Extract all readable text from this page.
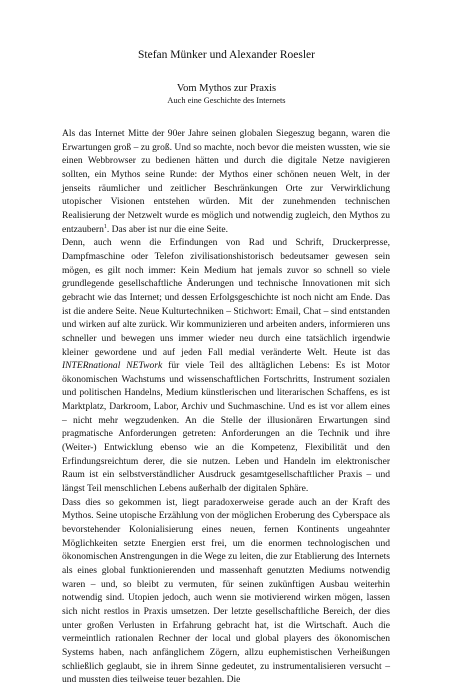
Stefan Münker und Alexander Roesler
Vom Mythos zur Praxis
Auch eine Geschichte des Internets

Als das Internet Mitte der 90er Jahre seinen globalen Siegeszug begann, waren die Erwartungen groß – zu groß. Und so machte, noch bevor die meisten wussten, wie sie einen Webbrowser zu bedienen hätten und durch die digitale Netze navigieren sollten, ein Mythos seine Runde: der Mythos einer schönen neuen Welt, in der jenseits räumlicher und zeitlicher Beschränkungen Orte zur Verwirklichung utopischer Visionen entstehen würden. Mit der zunehmenden technischen Realisierung der Netzwelt wurde es möglich und notwendig zugleich, den Mythos zu entzaubern$^1$. Das aber ist nur die eine Seite.

Denn, auch wenn die Erfindungen von Rad und Schrift, Druckerpresse, Dampfmaschine oder Telefon zivilisationshistorisch bedeutsamer gewesen sein mögen, es gilt noch immer: Kein Medium hat jemals zuvor so schnell so viele grundlegende gesellschaftliche Änderungen und technische Innovationen mit sich gebracht wie das Internet; und dessen Erfolgsgeschichte ist noch nicht am Ende. Das ist die andere Seite. Neue Kulturtechniken – Stichwort: Email, Chat – sind entstanden und wirken auf alte zurück. Wir kommunizieren und arbeiten anders, informieren uns schneller und bewegen uns immer wieder neu durch eine tatsächlich irgendwie kleiner gewordene und auf jeden Fall medial veränderte Welt. Heute ist das INTERnational NETwork für viele Teil des alltäglichen Lebens: Es ist Motor ökonomischen Wachstums und wissenschaftlichen Fortschritts, Instrument sozialen und politischen Handelns, Medium künstlerischen und literarischen Schaffens, es ist Marktplatz, Darkroom, Labor, Archiv und Suchmaschine. Und es ist vor allem eines – nicht mehr wegzudenken. An die Stelle der illusionären Erwartungen sind pragmatische Anforderungen getreten: Anforderungen an die Technik und ihre (Weiter-) Entwicklung ebenso wie an die Kompetenz, Flexibilität und den Erfindungsreichtum derer, die sie nutzen. Leben und Handeln im elektronischer Raum ist ein selbstverständlicher Ausdruck gesamtgesellschaftlicher Praxis – und längst Teil menschlichen Lebens außerhalb der digitalen Sphäre.

Dass dies so gekommen ist, liegt paradoxerweise gerade auch an der Kraft des Mythos. Seine utopische Erzählung von der möglichen Eroberung des Cyberspace als bevorstehender Kolonialisierung eines neuen, fernen Kontinents ungeahnter Möglichkeiten setzte Energien erst frei, um die enormen technologischen und ökonomischen Anstrengungen in die Wege zu leiten, die zur Etablierung des Internets als eines global funktionierenden und massenhaft genutzten Mediums notwendig waren – und, so bleibt zu vermuten, für seinen zukünftigen Ausbau weiterhin notwendig sind. Utopien jedoch, auch wenn sie motivierend wirken mögen, lassen sich nicht restlos in Praxis umsetzen. Der letzte gesellschaftliche Bereich, der dies unter großen Verlusten in Erfahrung gebracht hat, ist die Wirtschaft. Auch die vermeintlich rationalen Rechner der local und global players des ökonomischen Systems haben, nach anfänglichem Zögern, allzu euphemistischen Verheißungen schließlich geglaubt, sie in ihrem Sinne gedeutet, zu instrumentalisieren versucht – und mussten dies teilweise teuer bezahlen. Die
